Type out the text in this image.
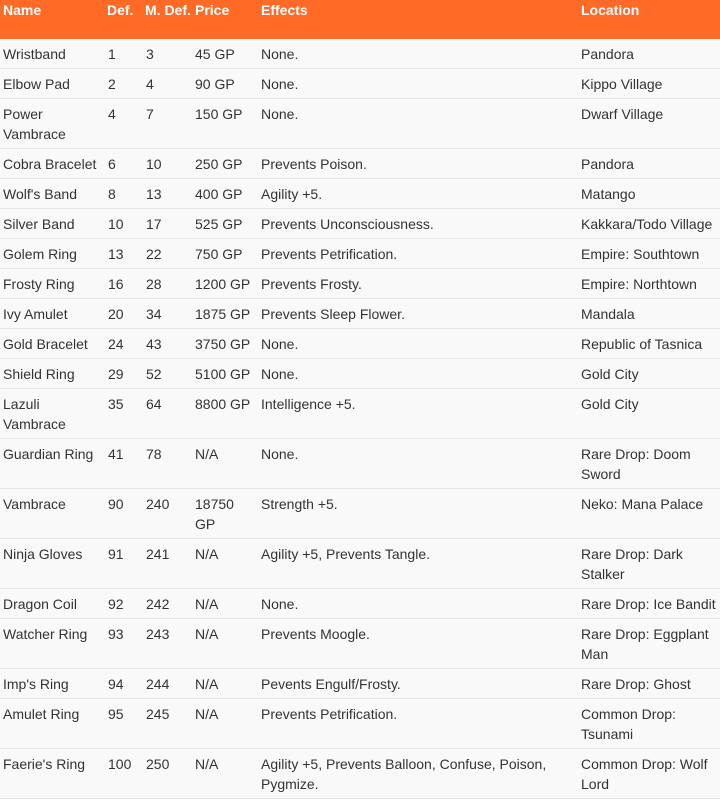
Name	Def.	M. Def.	Price	Effects	Location
Wristband	1	3	45 GP	None.	Pandora
Elbow Pad	2	4	90 GP	None.	Kippo Village
Power Vambrace	4	7	150 GP	None.	Dwarf Village
Cobra Bracelet	6	10	250 GP	Prevents Poison.	Pandora
Wolf's Band	8	13	400 GP	Agility +5.	Matango
Silver Band	10	17	525 GP	Prevents Unconsciousness.	Kakkara/Todo Village
Golem Ring	13	22	750 GP	Prevents Petrification.	Empire: Southtown
Frosty Ring	16	28	1200 GP	Prevents Frosty.	Empire: Northtown
Ivy Amulet	20	34	1875 GP	Prevents Sleep Flower.	Mandala
Gold Bracelet	24	43	3750 GP	None.	Republic of Tasnica
Shield Ring	29	52	5100 GP	None.	Gold City
Lazuli Vambrace	35	64	8800 GP	Intelligence +5.	Gold City
Guardian Ring	41	78	N/A	None.	Rare Drop: Doom Sword
Vambrace	90	240	18750 GP	Strength +5.	Neko: Mana Palace
Ninja Gloves	91	241	N/A	Agility +5, Prevents Tangle.	Rare Drop: Dark Stalker
Dragon Coil	92	242	N/A	None.	Rare Drop: Ice Bandit
Watcher Ring	93	243	N/A	Prevents Moogle.	Rare Drop: Eggplant Man
Imp's Ring	94	244	N/A	Pevents Engulf/Frosty.	Rare Drop: Ghost
Amulet Ring	95	245	N/A	Prevents Petrification.	Common Drop: Tsunami
Faerie's Ring	100	250	N/A	Agility +5, Prevents Balloon, Confuse, Poison, Pygmize.	Common Drop: Wolf Lord
